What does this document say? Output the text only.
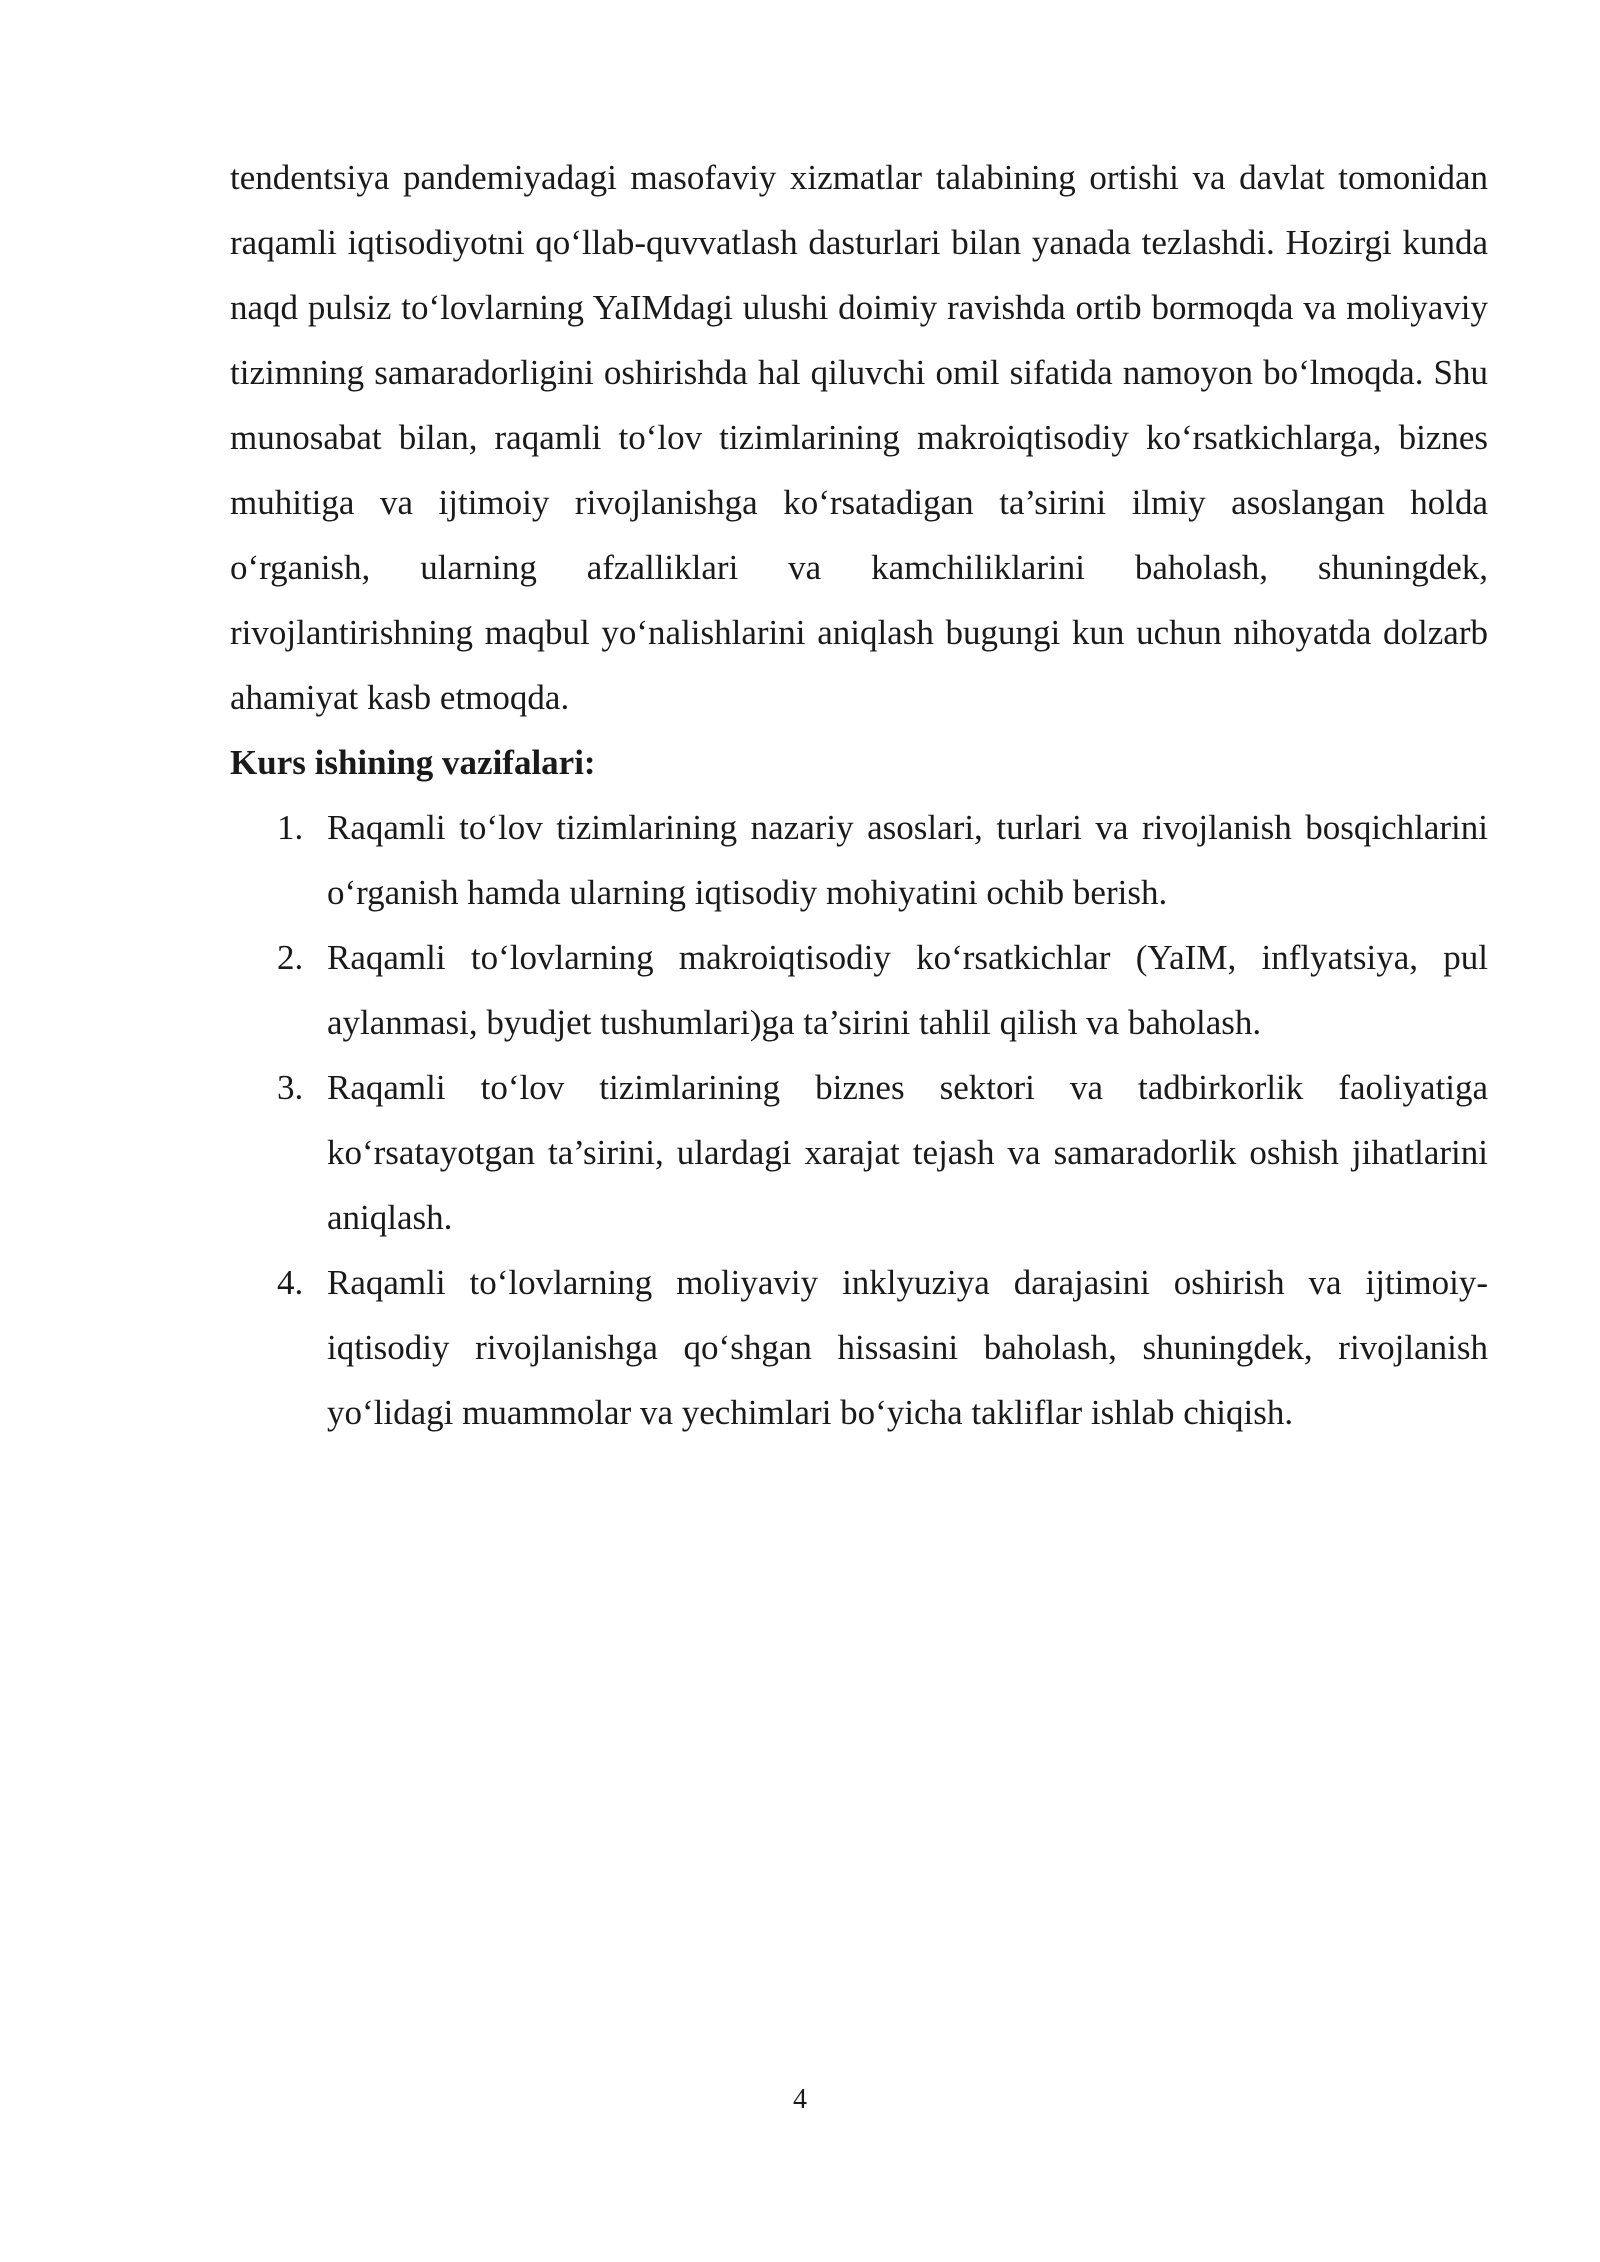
tendentsiya pandemiyadagi masofaviy xizmatlar talabining ortishi va davlat tomonidan raqamli iqtisodiyotni qo‘llab-quvvatlash dasturlari bilan yanada tezlashdi. Hozirgi kunda naqd pulsiz to‘lovlarning YaIMdagi ulushi doimiy ravishda ortib bormoqda va moliyaviy tizimning samaradorligini oshirishda hal qiluvchi omil sifatida namoyon bo‘lmoqda. Shu munosabat bilan, raqamli to‘lov tizimlarining makroiqtisodiy ko‘rsatkichlarga, biznes muhitiga va ijtimoiy rivojlanishga ko‘rsatadigan ta’sirini ilmiy asoslangan holda o‘rganish, ularning afzalliklari va kamchiliklarini baholash, shuningdek, rivojlantirishning maqbul yo‘nalishlarini aniqlash bugungi kun uchun nihoyatda dolzarb ahamiyat kasb etmoqda.

Kurs ishining vazifalari:

1. Raqamli to‘lov tizimlarining nazariy asoslari, turlari va rivojlanish bosqichlarini o‘rganish hamda ularning iqtisodiy mohiyatini ochib berish.
2. Raqamli to‘lovlarning makroiqtisodiy ko‘rsatkichlar (YaIM, inflyatsiya, pul aylanmasi, byudjet tushumlari)ga ta’sirini tahlil qilish va baholash.
3. Raqamli to‘lov tizimlarining biznes sektori va tadbirkorlik faoliyatiga ko‘rsatayotgan ta’sirini, ulardagi xarajat tejash va samaradorlik oshish jihatlarini aniqlash.
4. Raqamli to‘lovlarning moliyaviy inklyuziya darajasini oshirish va ijtimoiy-iqtisodiy rivojlanishga qo‘shgan hissasini baholash, shuningdek, rivojlanish yo‘lidagi muammolar va yechimlari bo‘yicha takliflar ishlab chiqish.
4
